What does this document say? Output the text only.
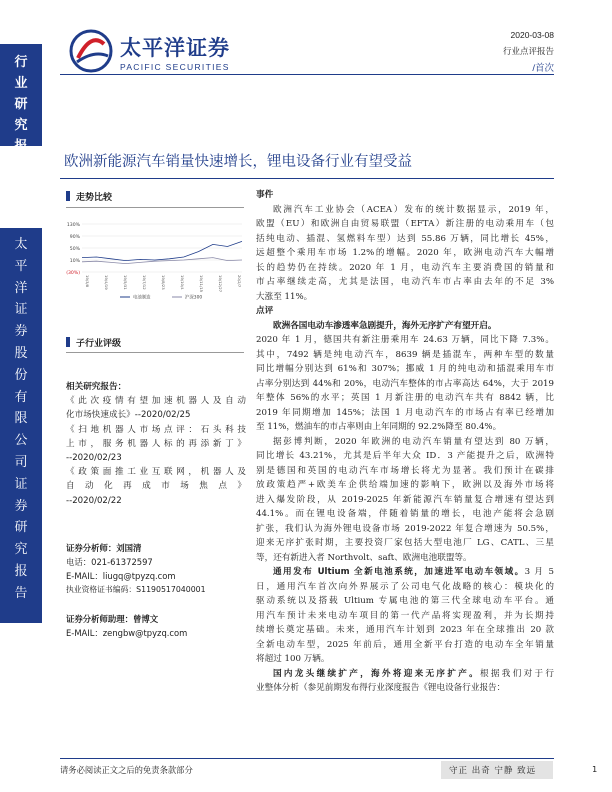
太平洋证券
PACIFIC SECURITIES
2020-03-08
行业点评报告
/首次
行业研究报告
太平洋证券股份有限公司证券研究报告
欧洲新能源汽车销量快速增长，锂电设备行业有望受益
走势比较
130%
90%
50%
10%
(30%)
19/3/8	19/4/19	19/5/31	19/7/12	19/8/23	19/10/4	19/11/15	19/12/27	20/2/7
电池制造	沪深300
子行业评级

相关研究报告：

《此次疫情有望加速机器人及自动

化市场快速成长》--2020/02/25

《扫地机器人市场点评：石头科技

上市，服务机器人标的再添新丁》

--2020/02/23

《政策面推工业互联网，机器人及

自动化再成市场焦点》

--2020/02/22

证券分析师：刘国清
电话：021-61372597
E-MAIL：liugq@tpyzq.com
执业资格证书编码：S1190517040001
证券分析师助理：曾博文
E-MAIL：zengbw@tpyzq.com

事件

欧洲汽车工业协会（ACEA）发布的统计数据显示，2019 年，
欧盟（EU）和欧洲自由贸易联盟（EFTA）新注册的电动乘用车（包
括纯电动、插混、氢燃料车型）达到 55.86 万辆，同比增长 45%，
远超整个乘用车市场 1.2%的增幅。2020 年，欧洲电动汽车大幅增
长的趋势仍在持续。2020 年 1 月，电动汽车主要消费国的销量和
市占率继续走高，尤其是法国，电动汽车市占率由去年的不足 3%
大涨至 11%。

点评

欧洲各国电动车渗透率急剧提升，海外无序扩产有望开启。
2020 年 1 月，德国共有新注册乘用车 24.63 万辆，同比下降 7.3%。
其中，7492 辆是纯电动汽车，8639 辆是插混车，两种车型的数量
同比增幅分别达到 61%和 307%；挪威 1 月的纯电动和插混乘用车市
占率分别达到 44%和 20%，电动汽车整体的市占率高达 64%，大于 2019
年整体 56%的水平；英国 1 月新注册的电动汽车共有 8842 辆，比
2019 年同期增加 145%；法国 1 月电动汽车的市场占有率已经增加
至 11%，燃油车的市占率则由上年同期的 92.2%降至 80.4%。
据彭博判断，2020 年欧洲的电动汽车销量有望达到 80 万辆，
同比增长 43.21%，尤其是后半年大众 ID．3 产能提升之后，欧洲特
别是德国和英国的电动汽车市场增长将尤为显著。我们预计在碳排
放政策趋严+欧美车企供给端加速的影响下，欧洲以及海外市场将
进入爆发阶段，从 2019-2025 年新能源汽车销量复合增速有望达到
44.1%。而在锂电设备端，伴随着销量的增长，电池产能将会急剧
扩张，我们认为海外锂电设备市场 2019-2022 年复合增速为 50.5%，
迎来无序扩张时期，主要投资厂家包括大型电池厂 LG、CATL、三星
等，还有新进入者 Northvolt、saft、欧洲电池联盟等。
通用发布 Ultium 全新电池系统，加速进军电动车领域。3 月 5
日，通用汽车首次向外界展示了公司电气化战略的核心：模块化的
驱动系统以及搭载 Ultium 专属电池的第三代全球电动车平台。通
用汽车预计未来电动车项目的第一代产品将实现盈利，并为长期持
续增长奠定基础。未来，通用汽车计划到 2023 年在全球推出 20 款
全新电动车型，2025 年前后，通用全新平台打造的电动车全年销量
将超过 100 万辆。
国内龙头继续扩产，海外将迎来无序扩产。根据我们对于行
业整体分析（参见前期发布得行业深度报告《锂电设备行业报告：
请务必阅读正文之后的免责条款部分	守正 出奇 宁静 致远	1
